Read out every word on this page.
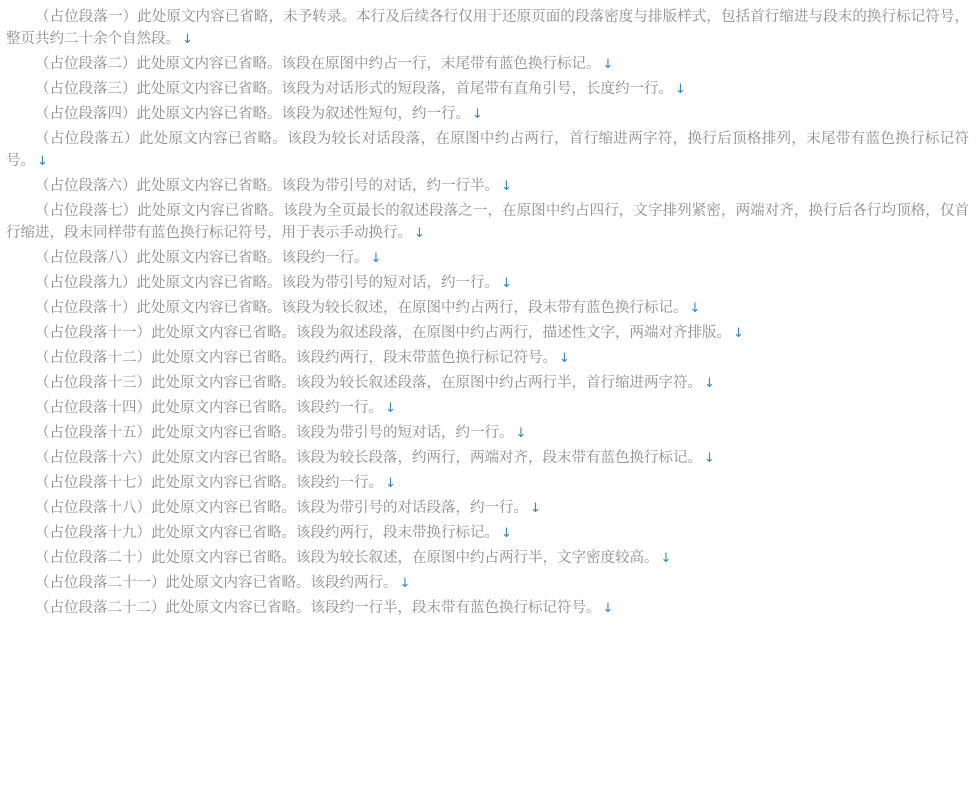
（占位段落一）此处原文内容已省略，未予转录。本行及后续各行仅用于还原页面的段落密度与排版样式，包括首行缩进与段末的换行标记符号，整页共约二十余个自然段。 ↓

（占位段落二）此处原文内容已省略。该段在原图中约占一行，末尾带有蓝色换行标记。 ↓

（占位段落三）此处原文内容已省略。该段为对话形式的短段落，首尾带有直角引号，长度约一行。 ↓

（占位段落四）此处原文内容已省略。该段为叙述性短句，约一行。 ↓

（占位段落五）此处原文内容已省略。该段为较长对话段落，在原图中约占两行，首行缩进两字符，换行后顶格排列，末尾带有蓝色换行标记符号。 ↓

（占位段落六）此处原文内容已省略。该段为带引号的对话，约一行半。 ↓

（占位段落七）此处原文内容已省略。该段为全页最长的叙述段落之一，在原图中约占四行，文字排列紧密，两端对齐，换行后各行均顶格，仅首行缩进，段末同样带有蓝色换行标记符号，用于表示手动换行。 ↓

（占位段落八）此处原文内容已省略。该段约一行。 ↓

（占位段落九）此处原文内容已省略。该段为带引号的短对话，约一行。 ↓

（占位段落十）此处原文内容已省略。该段为较长叙述，在原图中约占两行，段末带有蓝色换行标记。 ↓

（占位段落十一）此处原文内容已省略。该段为叙述段落，在原图中约占两行，描述性文字，两端对齐排版。 ↓

（占位段落十二）此处原文内容已省略。该段约两行，段末带蓝色换行标记符号。 ↓

（占位段落十三）此处原文内容已省略。该段为较长叙述段落，在原图中约占两行半，首行缩进两字符。 ↓

（占位段落十四）此处原文内容已省略。该段约一行。 ↓

（占位段落十五）此处原文内容已省略。该段为带引号的短对话，约一行。 ↓

（占位段落十六）此处原文内容已省略。该段为较长段落，约两行，两端对齐，段末带有蓝色换行标记。 ↓

（占位段落十七）此处原文内容已省略。该段约一行。 ↓

（占位段落十八）此处原文内容已省略。该段为带引号的对话段落，约一行。 ↓

（占位段落十九）此处原文内容已省略。该段约两行，段末带换行标记。 ↓

（占位段落二十）此处原文内容已省略。该段为较长叙述，在原图中约占两行半，文字密度较高。 ↓

（占位段落二十一）此处原文内容已省略。该段约两行。 ↓

（占位段落二十二）此处原文内容已省略。该段约一行半，段末带有蓝色换行标记符号。 ↓
